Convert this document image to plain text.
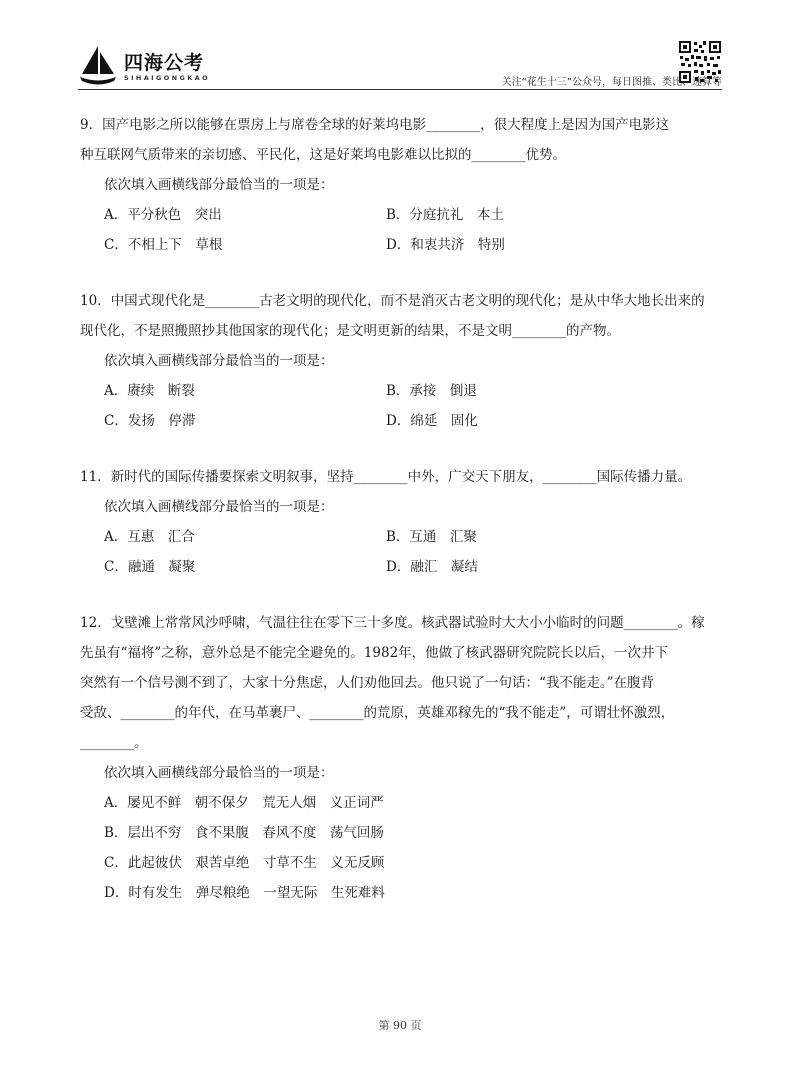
四海公考
SIHAIGONGKAO	关注“花生十三”公众号，每日图推、类比、速算等
9．国产电影之所以能够在票房上与席卷全球的好莱坞电影________，很大程度上是因为国产电影这
种互联网气质带来的亲切感、平民化，这是好莱坞电影难以比拟的________优势。
依次填入画横线部分最恰当的一项是：
A．平分秋色　突出	B．分庭抗礼　本土
C．不相上下　草根	D．和衷共济　特别
10．中国式现代化是________古老文明的现代化，而不是消灭古老文明的现代化；是从中华大地长出来的
现代化，不是照搬照抄其他国家的现代化；是文明更新的结果，不是文明________的产物。
依次填入画横线部分最恰当的一项是：
A．赓续　断裂	B．承接　倒退
C．发扬　停滞	D．绵延　固化
11．新时代的国际传播要探索文明叙事，坚持________中外，广交天下朋友，________国际传播力量。
依次填入画横线部分最恰当的一项是：
A．互惠　汇合	B．互通　汇聚
C．融通　凝聚	D．融汇　凝结
12．戈壁滩上常常风沙呼啸，气温往往在零下三十多度。核武器试验时大大小小临时的问题________。稼
先虽有“福将”之称，意外总是不能完全避免的。1982年，他做了核武器研究院院长以后，一次井下
突然有一个信号测不到了，大家十分焦虑，人们劝他回去。他只说了一句话：“我不能走。”在腹背
受敌、________的年代，在马革裹尸、________的荒原，英雄邓稼先的“我不能走”，可谓壮怀激烈，
________。
依次填入画横线部分最恰当的一项是：
A．屡见不鲜　朝不保夕　荒无人烟　义正词严
B．层出不穷　食不果腹　春风不度　荡气回肠
C．此起彼伏　艰苦卓绝　寸草不生　义无反顾
D．时有发生　弹尽粮绝　一望无际　生死难料
第 90 页
